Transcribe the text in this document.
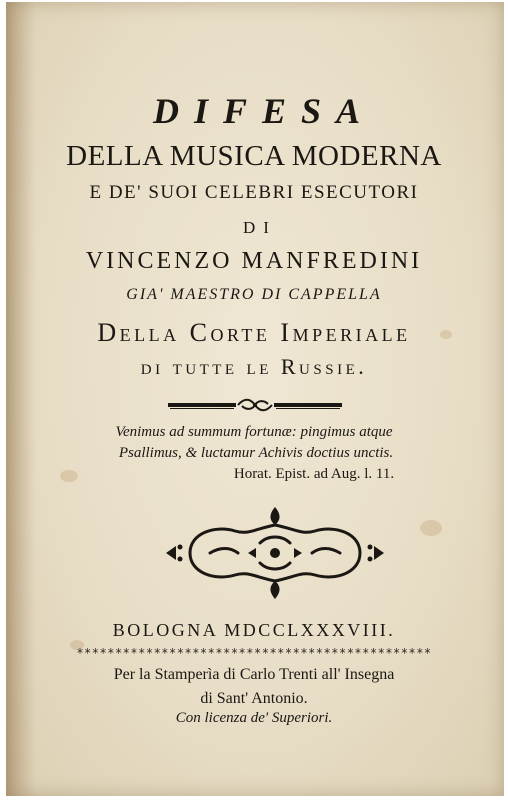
DIFESA
DELLA MUSICA MODERNA
E DE' SUOI CELEBRI ESECUTORI
DI
VINCENZO MANFREDINI
GIA' MAESTRO DI CAPPELLA
Della Corte Imperiale
di tutte le Russie.
Venimus ad summum fortunæ: pingimus atque
Psallimus, & luctamur Achivis doctius unctis.
Horat. Epist. ad Aug. l. 11.
BOLOGNA MDCCLXXXVIII.
**********************************************
Per la Stamperìa di Carlo Trenti all' Insegna
di Sant' Antonio.
Con licenza de' Superiori.
